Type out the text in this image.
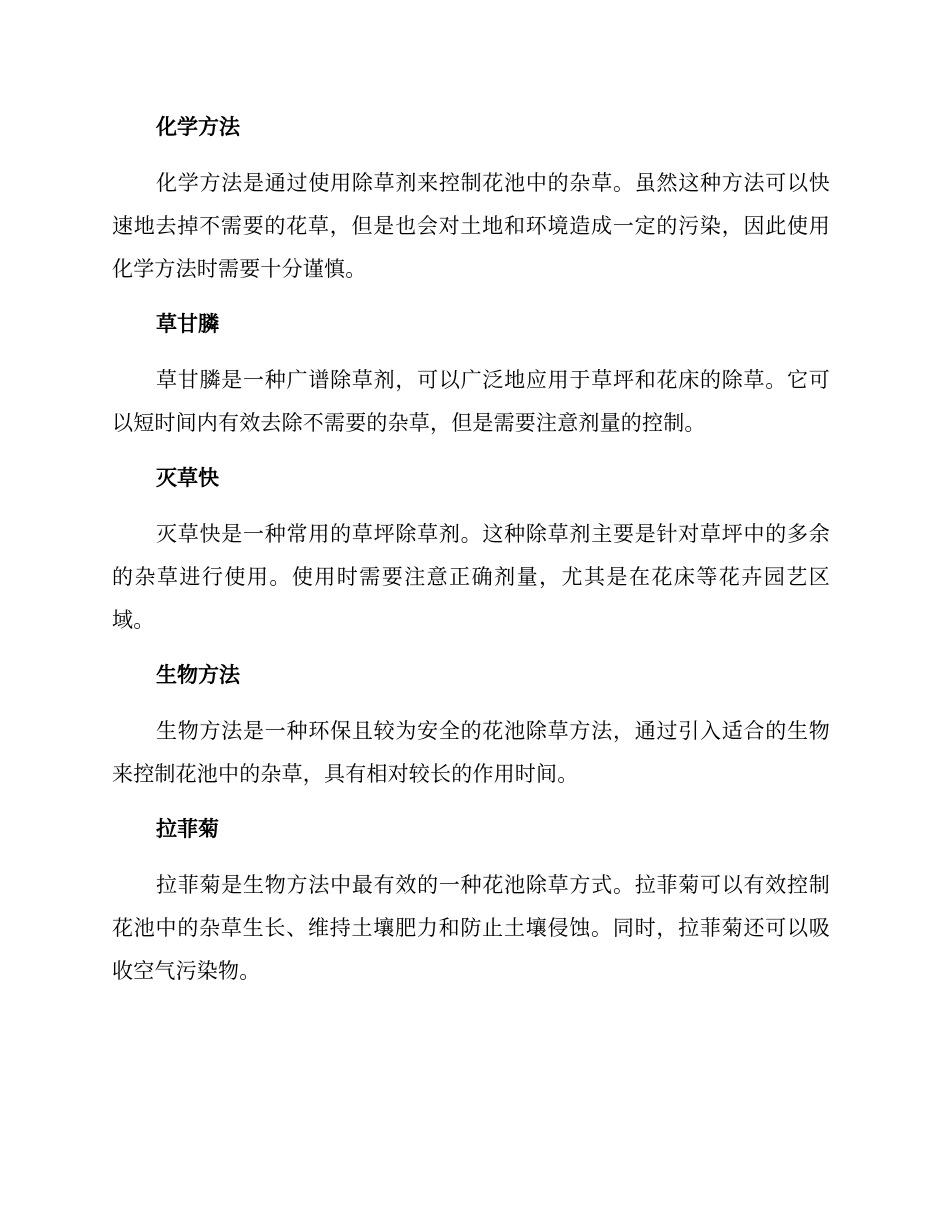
化学方法

化学方法是通过使用除草剂来控制花池中的杂草。虽然这种方法可以快速地去掉不需要的花草，但是也会对土地和环境造成一定的污染，因此使用化学方法时需要十分谨慎。

草甘膦

草甘膦是一种广谱除草剂，可以广泛地应用于草坪和花床的除草。它可以短时间内有效去除不需要的杂草，但是需要注意剂量的控制。

灭草快

灭草快是一种常用的草坪除草剂。这种除草剂主要是针对草坪中的多余的杂草进行使用。使用时需要注意正确剂量，尤其是在花床等花卉园艺区域。

生物方法

生物方法是一种环保且较为安全的花池除草方法，通过引入适合的生物来控制花池中的杂草，具有相对较长的作用时间。

拉菲菊

拉菲菊是生物方法中最有效的一种花池除草方式。拉菲菊可以有效控制花池中的杂草生长、维持土壤肥力和防止土壤侵蚀。同时，拉菲菊还可以吸收空气污染物。
